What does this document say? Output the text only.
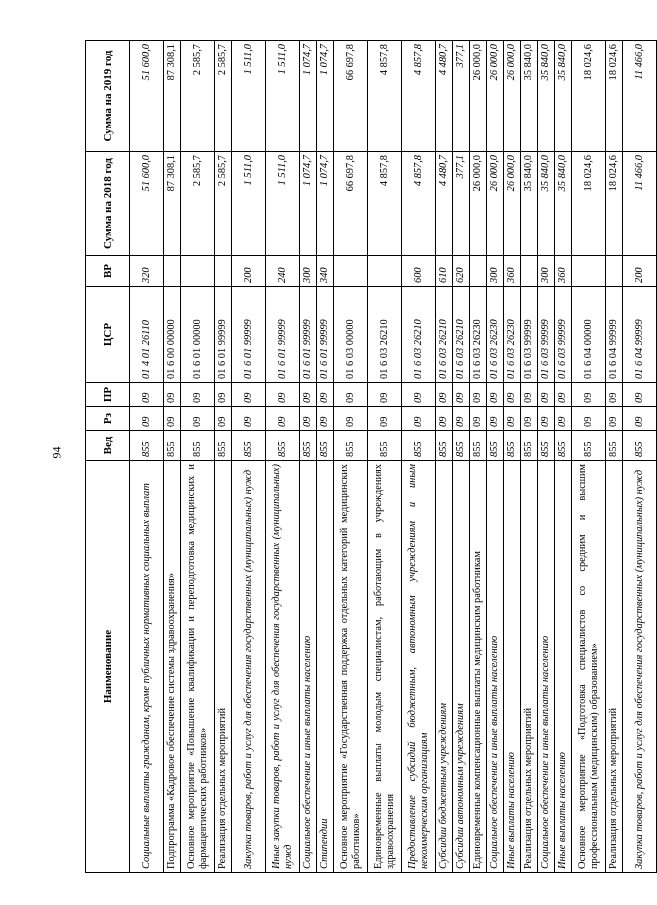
94
Наименование	Вед	Рз	ПР	ЦСР	ВР	Сумма на 2018 год	Сумма на 2019 год
Социальные выплаты гражданам, кроме публичных нормативных социальных выплат	855	09	09	01 4 01 26110	320	51 600,0	51 600,0
Подпрограмма «Кадровое обеспечение системы здравоохранения»	855	09	09	01 6 00 00000		87 308,1	87 308,1
Основное мероприятие «Повышение квалификации и переподготовка медицинских и фармацевтических работников»	855	09	09	01 6 01 00000		2 585,7	2 585,7
Реализация отдельных мероприятий	855	09	09	01 6 01 99999		2 585,7	2 585,7
Закупка товаров, работ и услуг для обеспечения государственных (муниципальных) нужд	855	09	09	01 6 01 99999	200	1 511,0	1 511,0
Иные закупки товаров, работ и услуг для обеспечения государственных (муниципальных) нужд	855	09	09	01 6 01 99999	240	1 511,0	1 511,0
Социальное обеспечение и иные выплаты населению	855	09	09	01 6 01 99999	300	1 074,7	1 074,7
Стипендии	855	09	09	01 6 01 99999	340	1 074,7	1 074,7
Основное мероприятие «Государственная поддержка отдельных категорий медицинских работников»	855	09	09	01 6 03 00000		66 697,8	66 697,8
Единовременные выплаты молодым специалистам, работающим в учреждениях здравоохранения	855	09	09	01 6 03 26210		4 857,8	4 857,8
Предоставление субсидий бюджетным, автономным учреждениям и иным некоммерческим организациям	855	09	09	01 6 03 26210	600	4 857,8	4 857,8
Субсидии бюджетным учреждениям	855	09	09	01 6 03 26210	610	4 480,7	4 480,7
Субсидии автономным учреждениям	855	09	09	01 6 03 26210	620	377,1	377,1
Единовременные компенсационные выплаты медицинским работникам	855	09	09	01 6 03 26230		26 000,0	26 000,0
Социальное обеспечение и иные выплаты населению	855	09	09	01 6 03 26230	300	26 000,0	26 000,0
Иные выплаты населению	855	09	09	01 6 03 26230	360	26 000,0	26 000,0
Реализация отдельных мероприятий	855	09	09	01 6 03 99999		35 840,0	35 840,0
Социальное обеспечение и иные выплаты населению	855	09	09	01 6 03 99999	300	35 840,0	35 840,0
Иные выплаты населению	855	09	09	01 6 03 99999	360	35 840,0	35 840,0
Основное мероприятие «Подготовка специалистов со средним и высшим профессиональным (медицинским) образованием»	855	09	09	01 6 04 00000		18 024,6	18 024,6
Реализация отдельных мероприятий	855	09	09	01 6 04 99999		18 024,6	18 024,6
Закупка товаров, работ и услуг для обеспечения государственных (муниципальных) нужд	855	09	09	01 6 04 99999	200	11 466,0	11 466,0
